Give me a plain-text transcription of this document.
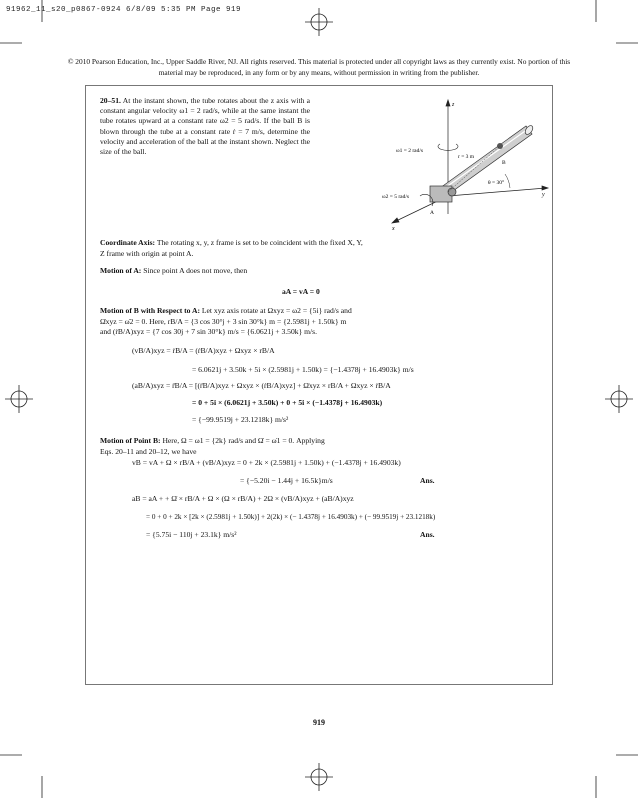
91962_11_s20_p0867-0924 6/8/09 5:35 PM Page 919
© 2010 Pearson Education, Inc., Upper Saddle River, NJ. All rights reserved. This material is protected under all copyright laws as they currently exist. No portion of this material may be reproduced, in any form or by any means, without permission in writing from the publisher.
20–51. At the instant shown, the tube rotates about the z axis with a constant angular velocity ω1 = 2 rad/s, while at the same instant the tube rotates upward at a constant rate ω2 = 5 rad/s. If the ball B is blown through the tube at a constant rate ṙ = 7 m/s, determine the velocity and acceleration of the ball at the instant shown. Neglect the size of the ball.
z
y
x
ω1 = 2 rad/s
ω2 = 5 rad/s
r = 3 m
B
θ = 30°
A
Coordinate Axis: The rotating x, y, z frame is set to be coincident with the fixed X, Y,
Z frame with origin at point A.
Motion of A: Since point A does not move, then
aA = vA = 0
Motion of B with Respect to A: Let xyz axis rotate at Ωxyz = ω2 = {5i} rad/s and
Ω̇xyz = ω̇2 = 0. Here, rB/A = {3 cos 30°j + 3 sin 30°k} m = {2.5981j + 1.50k} m
and (ṙB/A)xyz = {7 cos 30j + 7 sin 30°k} m/s = {6.0621j + 3.50k} m/s.
(vB/A)xyz = ṙB/A = (ṙB/A)xyz + Ωxyz × rB/A
= 6.0621j + 3.50k + 5i × (2.5981j + 1.50k) = {−1.4378j + 16.4903k} m/s
(aB/A)xyz = r̈B/A = [(r̈B/A)xyz + Ωxyz × (ṙB/A)xyz] + Ω̇xyz × rB/A + Ωxyz × ṙB/A
= 0 + 5i × (6.0621j + 3.50k) + 0 + 5i × (−1.4378j + 16.4903k)
= {−99.9519j + 23.1218k} m/s²
Motion of Point B: Here, Ω = ω1 = {2k} rad/s and Ω̇ = ω̇1 = 0. Applying
Eqs. 20–11 and 20–12, we have
vB = vA + Ω × rB/A + (vB/A)xyz = 0 + 2k × (2.5981j + 1.50k) + (−1.4378j + 16.4903k)
= {−5.20i − 1.44j + 16.5k}m/s	Ans.
aB = aA + + Ω̇ × rB/A + Ω × (Ω × rB/A) + 2Ω × (vB/A)xyz + (aB/A)xyz
= 0 + 0 + 2k × [2k × (2.5981j + 1.50k)] + 2(2k) × (− 1.4378j + 16.4903k) + (− 99.9519j + 23.1218k)
= {5.75i − 110j + 23.1k} m/s²	Ans.
919
